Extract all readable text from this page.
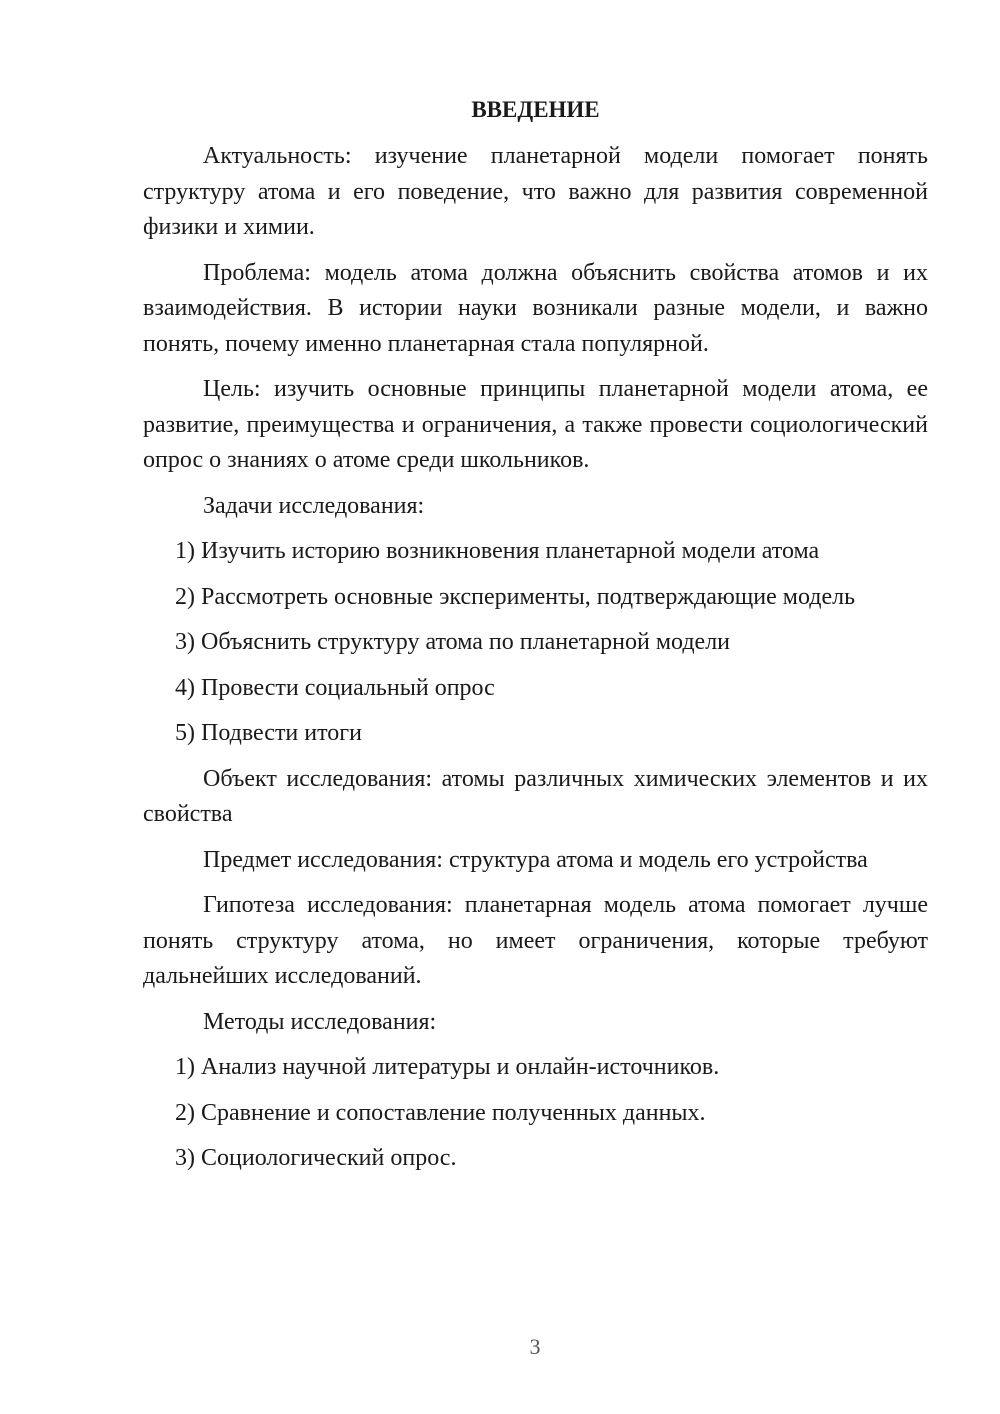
ВВЕДЕНИЕ

Актуальность: изучение планетарной модели помогает понять структуру атома и его поведение, что важно для развития современной физики и химии.

Проблема: модель атома должна объяснить свойства атомов и их взаимодействия. В истории науки возникали разные модели, и важно понять, почему именно планетарная стала популярной.

Цель: изучить основные принципы планетарной модели атома, ее развитие, преимущества и ограничения, а также провести социологический опрос о знаниях о атоме среди школьников.

Задачи исследования:

1) Изучить историю возникновения планетарной модели атома

2) Рассмотреть основные эксперименты, подтверждающие модель

3) Объяснить структуру атома по планетарной модели

4) Провести социальный опрос

5) Подвести итоги

Объект исследования: атомы различных химических элементов и их свойства

Предмет исследования: структура атома и модель его устройства

Гипотеза исследования: планетарная модель атома помогает лучше понять структуру атома, но имеет ограничения, которые требуют дальнейших исследований.

Методы исследования:

1) Анализ научной литературы и онлайн-источников.

2) Сравнение и сопоставление полученных данных.

3) Социологический опрос.

3
